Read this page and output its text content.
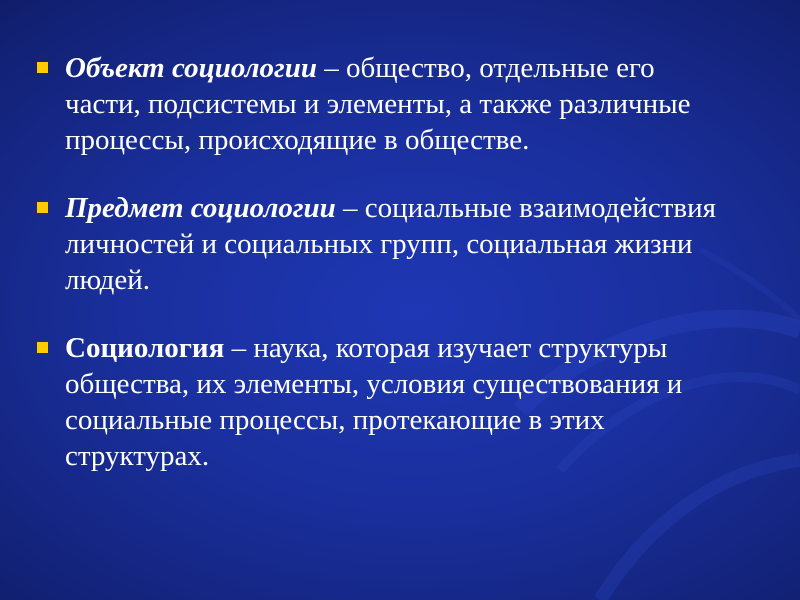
Объект социологии – общество, отдельные его части, подсистемы и элементы, а также различные процессы, происходящие в обществе.
Предмет социологии – социальные взаимодействия личностей и социальных групп, социальная жизни людей.
Социология – наука, которая изучает структуры общества, их элементы, условия существования и социальные процессы, протекающие в этих структурах.
